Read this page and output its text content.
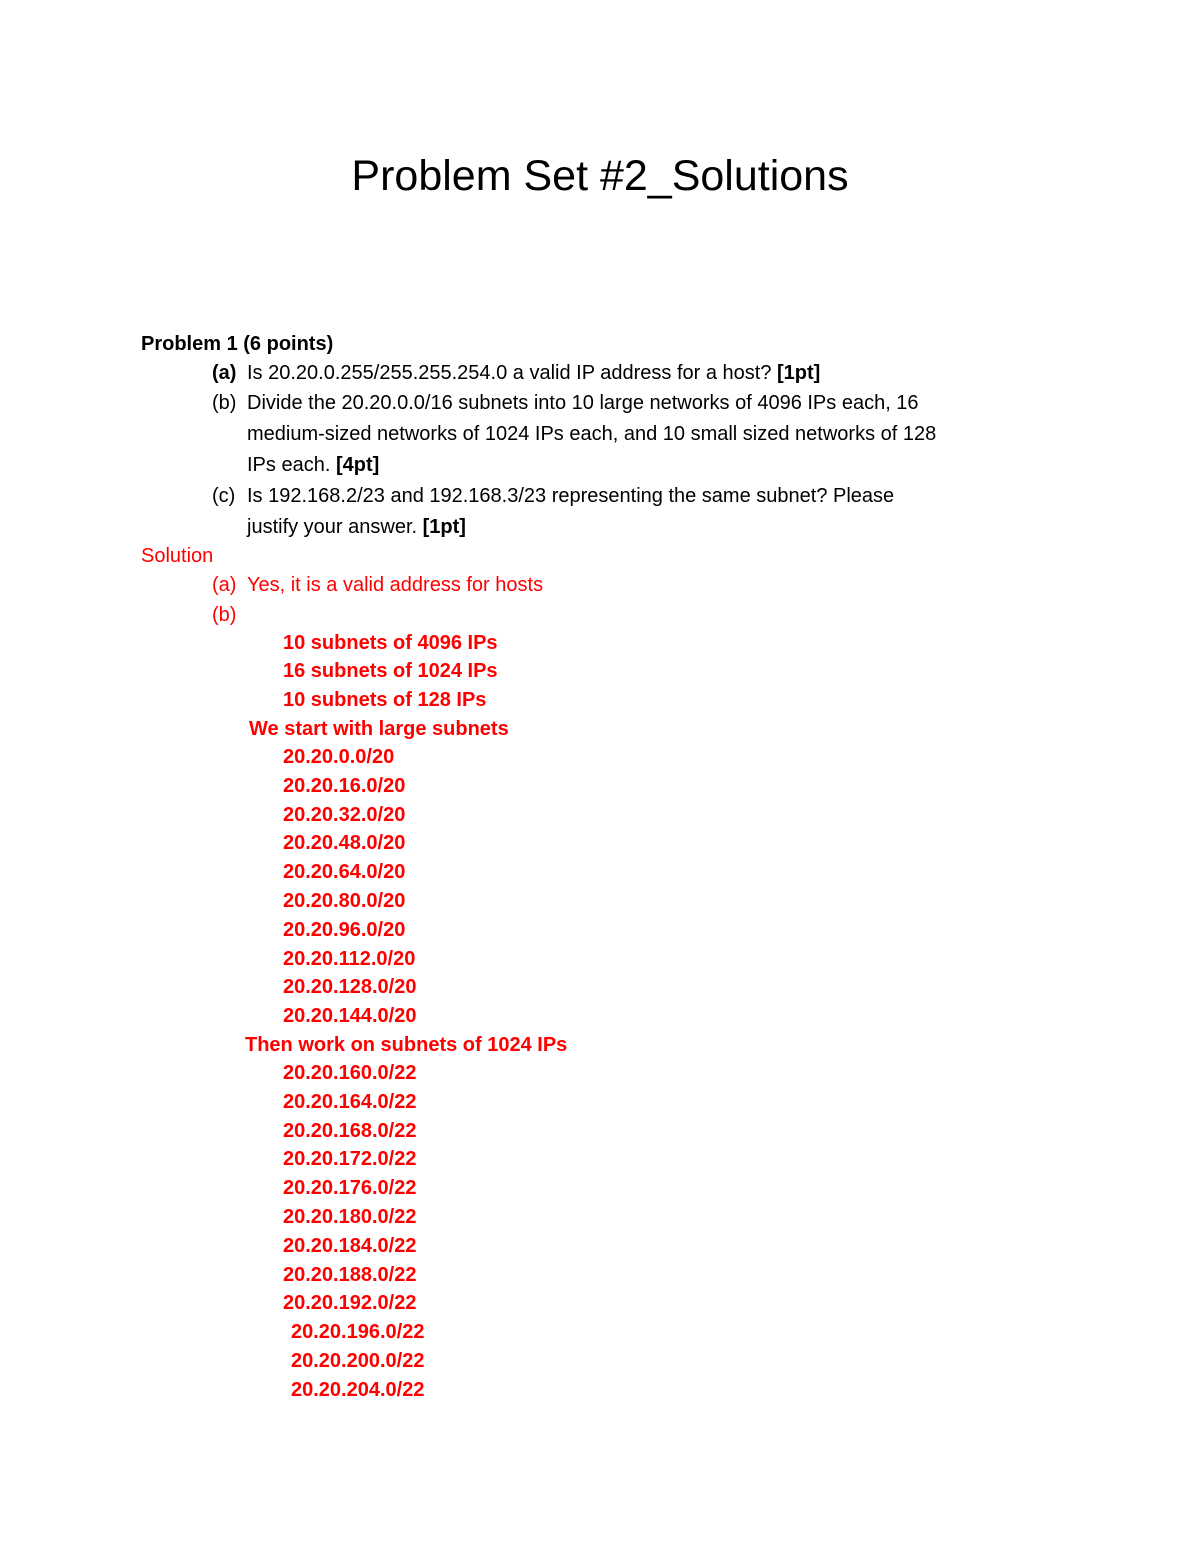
Problem Set #2_Solutions
Problem 1 (6 points)
(a) Is 20.20.0.255/255.255.254.0 a valid IP address for a host? [1pt]
(b) Divide the 20.20.0.0/16 subnets into 10 large networks of 4096 IPs each, 16
medium-sized networks of 1024 IPs each, and 10 small sized networks of 128
IPs each. [4pt]
(c) Is 192.168.2/23 and 192.168.3/23 representing the same subnet? Please
justify your answer. [1pt]
Solution
(a) Yes, it is a valid address for hosts
(b)
10 subnets of 4096 IPs
16 subnets of 1024 IPs
10 subnets of 128 IPs
We start with large subnets
20.20.0.0/20
20.20.16.0/20
20.20.32.0/20
20.20.48.0/20
20.20.64.0/20
20.20.80.0/20
20.20.96.0/20
20.20.112.0/20
20.20.128.0/20
20.20.144.0/20
Then work on subnets of 1024 IPs
20.20.160.0/22
20.20.164.0/22
20.20.168.0/22
20.20.172.0/22
20.20.176.0/22
20.20.180.0/22
20.20.184.0/22
20.20.188.0/22
20.20.192.0/22
20.20.196.0/22
20.20.200.0/22
20.20.204.0/22
